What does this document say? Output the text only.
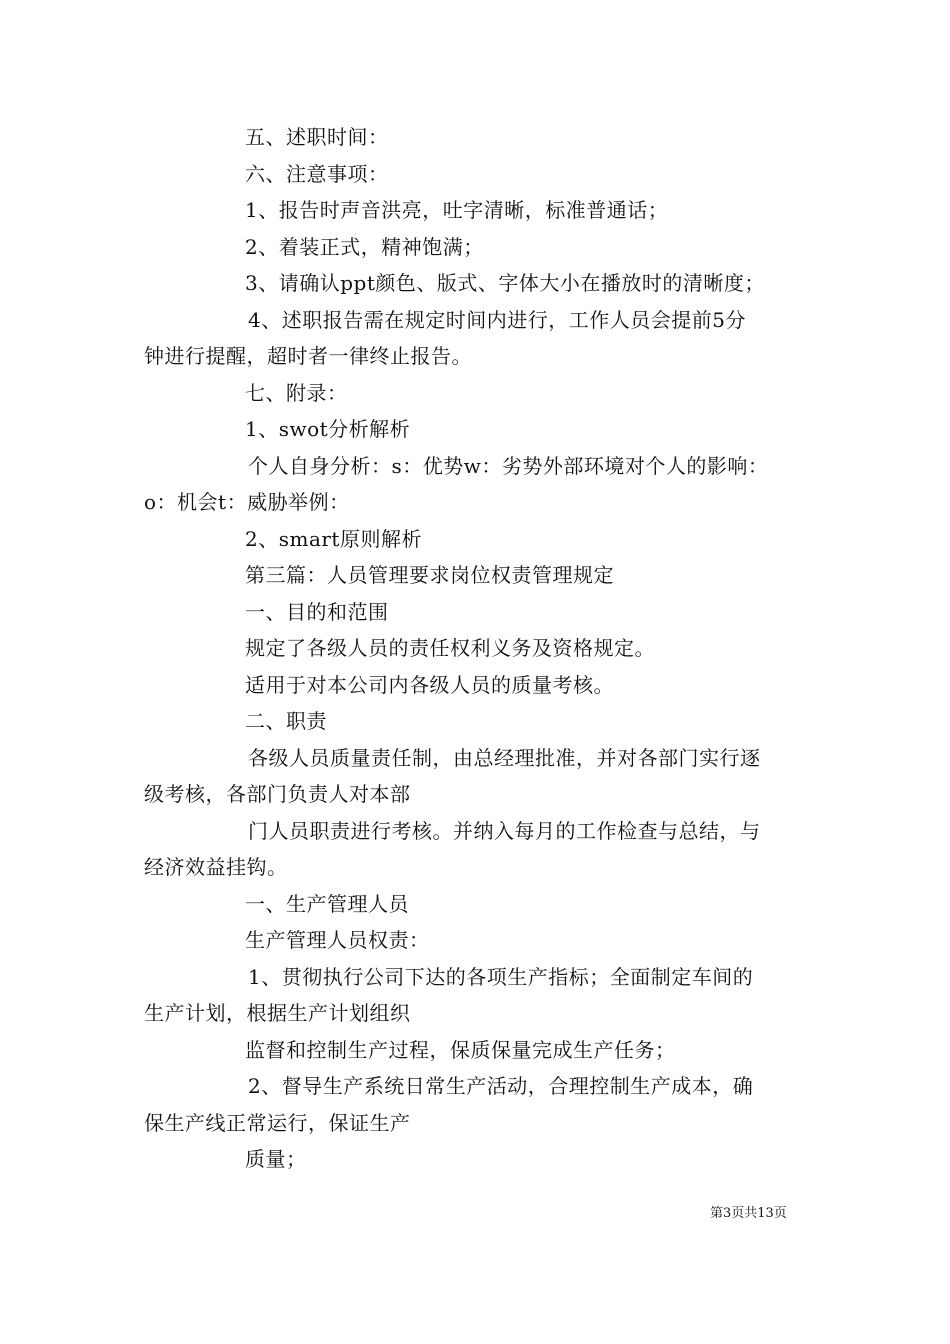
五、述职时间：
六、注意事项：
1、报告时声音洪亮，吐字清晰，标准普通话；
2、着装正式，精神饱满；
3、请确认ppt颜色、版式、字体大小在播放时的清晰度；
4、述职报告需在规定时间内进行，工作人员会提前5分
钟进行提醒，超时者一律终止报告。
七、附录：
1、swot分析解析
个人自身分析：s：优势w：劣势外部环境对个人的影响：
o：机会t：威胁举例：
2、smart原则解析
第三篇：人员管理要求岗位权责管理规定
一、目的和范围
规定了各级人员的责任权利义务及资格规定。
适用于对本公司内各级人员的质量考核。
二、职责
各级人员质量责任制，由总经理批准，并对各部门实行逐
级考核，各部门负责人对本部
门人员职责进行考核。并纳入每月的工作检查与总结，与
经济效益挂钩。
一、生产管理人员
生产管理人员权责：
1、贯彻执行公司下达的各项生产指标；全面制定车间的
生产计划，根据生产计划组织
监督和控制生产过程，保质保量完成生产任务；
2、督导生产系统日常生产活动，合理控制生产成本，确
保生产线正常运行，保证生产
质量；
第3页共13页
